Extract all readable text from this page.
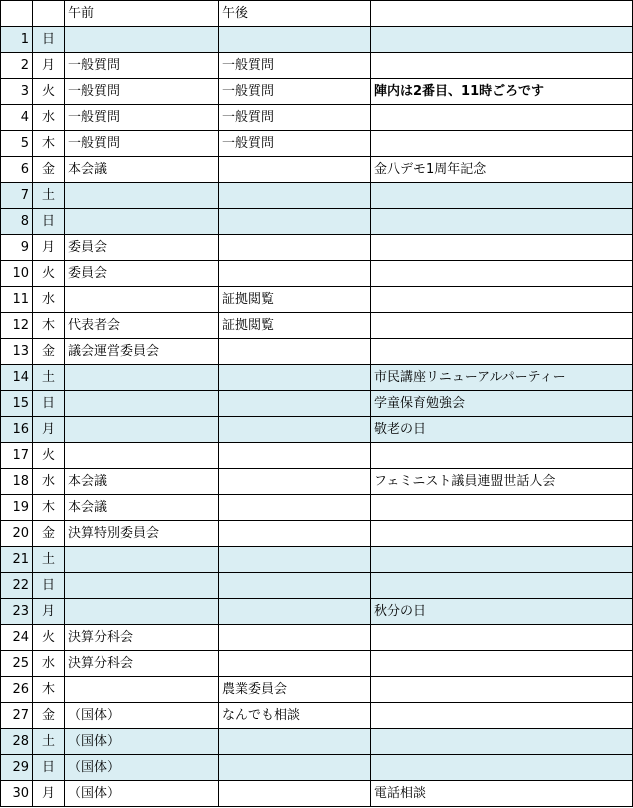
		午前	午後	
1	日			
2	月	一般質問	一般質問	
3	火	一般質問	一般質問	陣内は2番目、11時ごろです
4	水	一般質問	一般質問	
5	木	一般質問	一般質問	
6	金	本会議		金八デモ1周年記念
7	土			
8	日			
9	月	委員会		
10	火	委員会		
11	水		証拠閲覧	
12	木	代表者会	証拠閲覧	
13	金	議会運営委員会		
14	土			市民講座リニューアルパーティー
15	日			学童保育勉強会
16	月			敬老の日
17	火			
18	水	本会議		フェミニスト議員連盟世話人会
19	木	本会議		
20	金	決算特別委員会		
21	土			
22	日			
23	月			秋分の日
24	火	決算分科会		
25	水	決算分科会		
26	木		農業委員会	
27	金	（国体）	なんでも相談	
28	土	（国体）		
29	日	（国体）		
30	月	（国体）		電話相談
